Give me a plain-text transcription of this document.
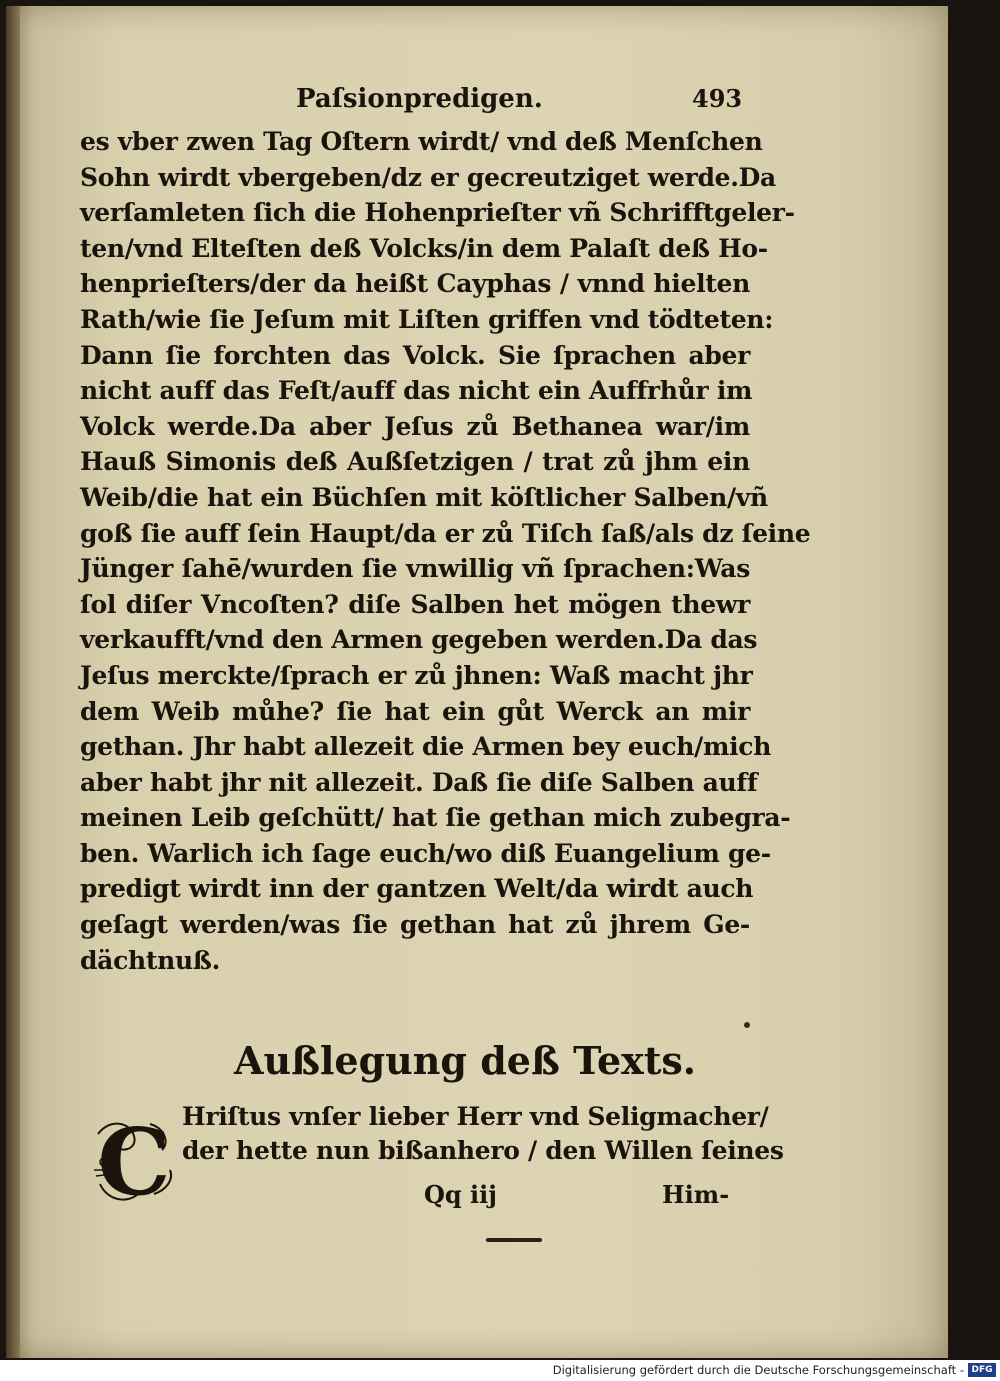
Paſsionpredigen.	493
es vber zwen Tag Oſtern wirdt/ vnd deß Menſchen
Sohn wirdt vbergeben/dz er gecreutziget werde.Da
verſamleten ſich die Hohenprieſter vñ Schrifftgeler-
ten/vnd Elteſten deß Volcks/in dem Palaſt deß Ho-
henprieſters/der da heißt Cayphas / vnnd hielten
Rath/wie ſie Jeſum mit Liſten griffen vnd tödteten:
Dann ſie forchten das Volck. Sie ſprachen aber
nicht auff das Feſt/auff das nicht ein Auffrhůr im
Volck werde.Da aber Jeſus zů Bethanea war/im
Hauß Simonis deß Außſetzigen / trat zů jhm ein
Weib/die hat ein Büchſen mit köſtlicher Salben/vñ
goß ſie auff ſein Haupt/da er zů Tiſch ſaß/als dz ſeine
Jünger ſahē/wurden ſie vnwillig vñ ſprachen:Was
ſol diſer Vncoſten? diſe Salben het mögen thewr
verkaufft/vnd den Armen gegeben werden.Da das
Jeſus merckte/ſprach er zů jhnen: Waß macht jhr
dem Weib můhe? ſie hat ein gůt Werck an mir
gethan. Jhr habt allezeit die Armen bey euch/mich
aber habt jhr nit allezeit. Daß ſie diſe Salben auff
meinen Leib geſchütt/ hat ſie gethan mich zubegra-
ben. Warlich ich ſage euch/wo diß Euangelium ge-
predigt wirdt inn der gantzen Welt/da wirdt auch
geſagt werden/was ſie gethan hat zů jhrem Ge-
dächtnuß.
Außlegung deß Texts.
C Hriſtus vnſer lieber Herr vnd Seligmacher/
der hette nun bißanhero / den Willen ſeines
Qq iij	Him-
Digitalisierung gefördert durch die Deutsche Forschungsgemeinschaft - DFG
